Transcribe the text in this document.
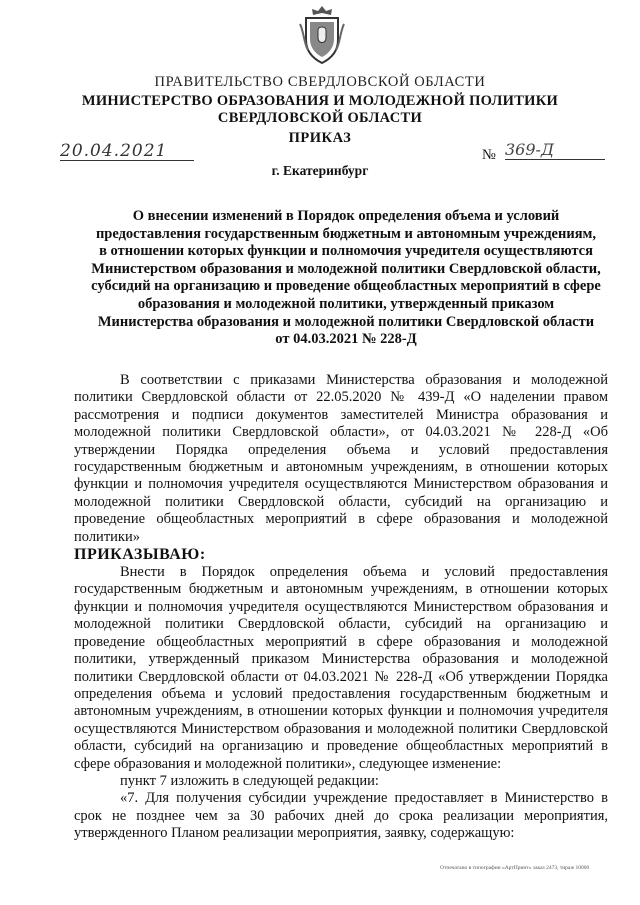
ПРАВИТЕЛЬСТВО СВЕРДЛОВСКОЙ ОБЛАСТИ
МИНИСТЕРСТВО ОБРАЗОВАНИЯ И МОЛОДЕЖНОЙ ПОЛИТИКИ
СВЕРДЛОВСКОЙ ОБЛАСТИ
ПРИКАЗ
20.04.2021	№ 369-Д
г. Екатеринбург
О внесении изменений в Порядок определения объема и условий
предоставления государственным бюджетным и автономным учреждениям,
в отношении которых функции и полномочия учредителя осуществляются
Министерством образования и молодежной политики Свердловской области,
субсидий на организацию и проведение общеобластных мероприятий в сфере
образования и молодежной политики, утвержденный приказом
Министерства образования и молодежной политики Свердловской области
от 04.03.2021 № 228-Д

В соответствии с приказами Министерства образования и молодежной политики Свердловской области от 22.05.2020 № 439-Д «О наделении правом рассмотрения и подписи документов заместителей Министра образования и молодежной политики Свердловской области», от 04.03.2021 № 228-Д «Об утверждении Порядка определения объема и условий предоставления государственным бюджетным и автономным учреждениям, в отношении которых функции и полномочия учредителя осуществляются Министерством образования и молодежной политики Свердловской области, субсидий на организацию и проведение общеобластных мероприятий в сфере образования и молодежной политики»

ПРИКАЗЫВАЮ:

Внести в Порядок определения объема и условий предоставления государственным бюджетным и автономным учреждениям, в отношении которых функции и полномочия учредителя осуществляются Министерством образования и молодежной политики Свердловской области, субсидий на организацию и проведение общеобластных мероприятий в сфере образования и молодежной политики, утвержденный приказом Министерства образования и молодежной политики Свердловской области от 04.03.2021 № 228-Д «Об утверждении Порядка определения объема и условий предоставления государственным бюджетным и автономным учреждениям, в отношении которых функции и полномочия учредителя осуществляются Министерством образования и молодежной политики Свердловской области, субсидий на организацию и проведение общеобластных мероприятий в сфере образования и молодежной политики», следующее изменение:

пункт 7 изложить в следующей редакции:

«7. Для получения субсидии учреждение предоставляет в Министерство в срок не позднее чем за 30 рабочих дней до срока реализации мероприятия, утвержденного Планом реализации мероприятия, заявку, содержащую:

Отпечатано в типографии «АртПринт» заказ 2473, тираж 10000
